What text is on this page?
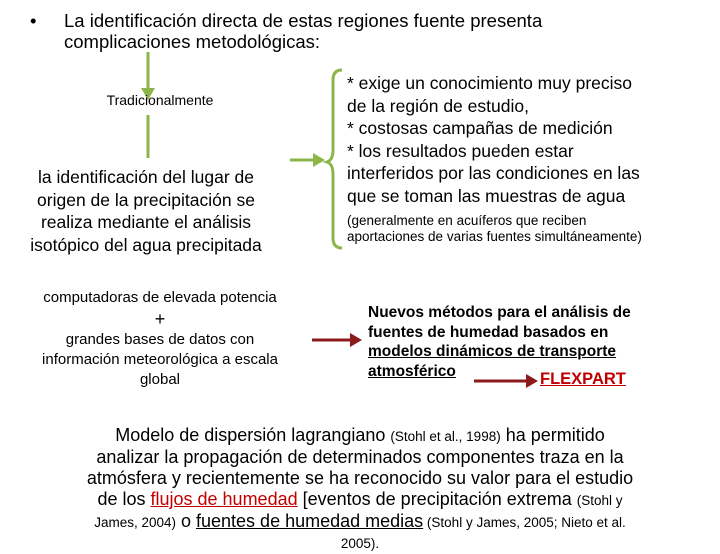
• La identificación directa de estas regiones fuente presenta
complicaciones metodológicas:
Tradicionalmente
la identificación del lugar de
origen de la precipitación se
realiza mediante el análisis
isotópico del agua precipitada
* exige un conocimiento muy preciso
de la región de estudio,
* costosas campañas de medición
* los resultados pueden estar
interferidos por las condiciones en las
que se toman las muestras de agua
(generalmente en acuíferos que reciben
aportaciones de varias fuentes simultáneamente)
computadoras de elevada potencia
+
grandes bases de datos con
información meteorológica a escala
global
Nuevos métodos para el análisis de
fuentes de humedad basados en
modelos dinámicos de transporte
atmosférico	FLEXPART
Modelo de dispersión lagrangiano (Stohl et al., 1998) ha permitido
analizar la propagación de determinados componentes traza en la
atmósfera y recientemente se ha reconocido su valor para el estudio
de los flujos de humedad [eventos de precipitación extrema (Stohl y
James, 2004) o fuentes de humedad medias (Stohl y James, 2005; Nieto et al.
2005).
